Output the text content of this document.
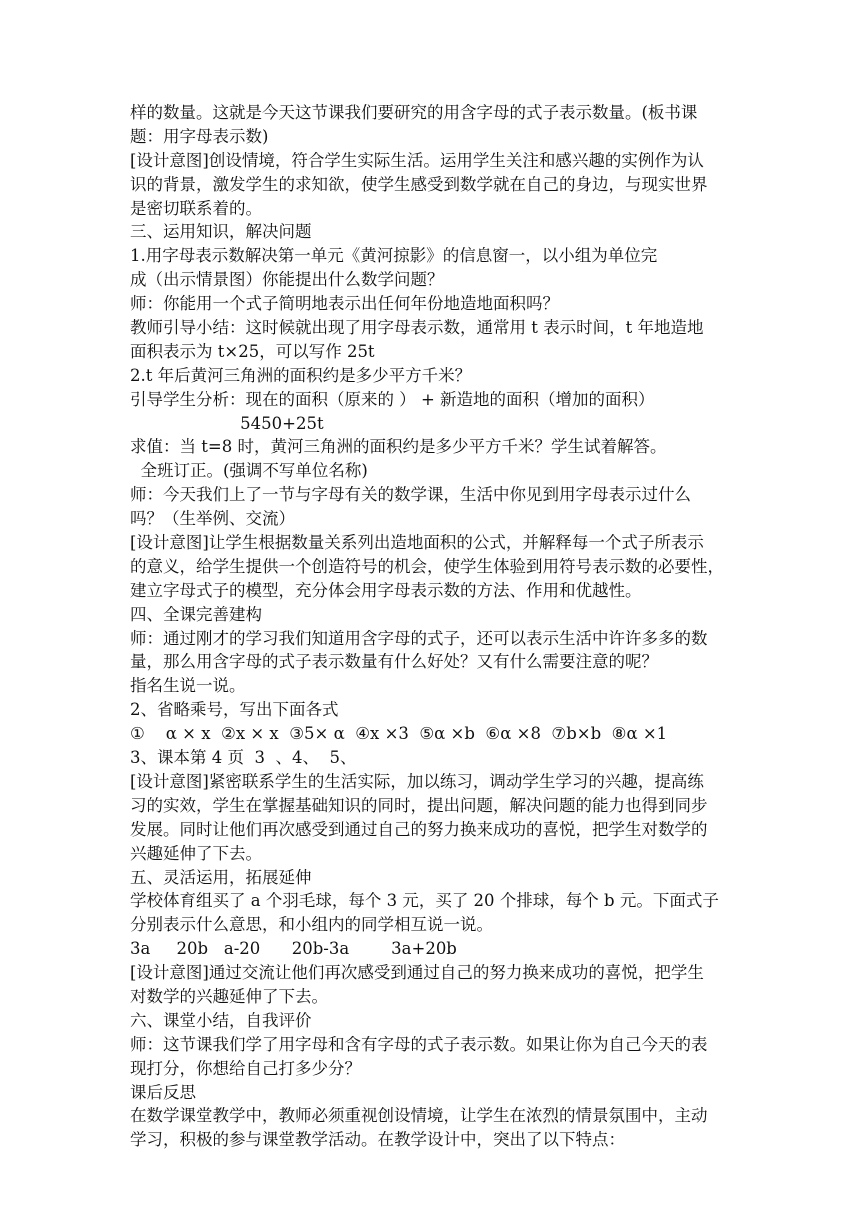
样的数量。这就是今天这节课我们要研究的用含字母的式子表示数量。(板书课
题：用字母表示数)
[设计意图]创设情境，符合学生实际生活。运用学生关注和感兴趣的实例作为认
识的背景，激发学生的求知欲，使学生感受到数学就在自己的身边，与现实世界
是密切联系着的。
三、运用知识，解决问题
1.用字母表示数解决第一单元《黄河掠影》的信息窗一，以小组为单位完
成（出示情景图）你能提出什么数学问题？
师：你能用一个式子简明地表示出任何年份地造地面积吗？
教师引导小结：这时候就出现了用字母表示数，通常用 t 表示时间，t 年地造地
面积表示为 t×25，可以写作 25t
2.t 年后黄河三角洲的面积约是多少平方千米？
引导学生分析：现在的面积（原来的 ） + 新造地的面积（增加的面积）
5450+25t
求值：当 t=8 时，黄河三角洲的面积约是多少平方千米？学生试着解答。
全班订正。(强调不写单位名称)
师：今天我们上了一节与字母有关的数学课，生活中你见到用字母表示过什么
吗？（生举例、交流）
[设计意图]让学生根据数量关系列出造地面积的公式，并解释每一个式子所表示
的意义，给学生提供一个创造符号的机会，使学生体验到用符号表示数的必要性，
建立字母式子的模型，充分体会用字母表示数的方法、作用和优越性。
四、全课完善建构
师：通过刚才的学习我们知道用含字母的式子，还可以表示生活中许许多多的数
量，那么用含字母的式子表示数量有什么好处？又有什么需要注意的呢？
指名生说一说。
2、省略乘号，写出下面各式
①    α × x  ②x × x  ③5× α  ④x ×3  ⑤α ×b  ⑥α ×8  ⑦b×b  ⑧α ×1
3、课本第 4 页  3  、4、  5、
[设计意图]紧密联系学生的生活实际，加以练习，调动学生学习的兴趣，提高练
习的实效，学生在掌握基础知识的同时，提出问题，解决问题的能力也得到同步
发展。同时让他们再次感受到通过自己的努力换来成功的喜悦，把学生对数学的
兴趣延伸了下去。
五、灵活运用，拓展延伸
学校体育组买了 a 个羽毛球，每个 3 元，买了 20 个排球，每个 b 元。下面式子
分别表示什么意思，和小组内的同学相互说一说。
3a     20b   a-20      20b-3a        3a+20b
[设计意图]通过交流让他们再次感受到通过自己的努力换来成功的喜悦，把学生
对数学的兴趣延伸了下去。
六、课堂小结，自我评价
师：这节课我们学了用字母和含有字母的式子表示数。如果让你为自己今天的表
现打分，你想给自己打多少分？
课后反思
在数学课堂教学中，教师必须重视创设情境，让学生在浓烈的情景氛围中，主动
学习，积极的参与课堂教学活动。在教学设计中，突出了以下特点：
